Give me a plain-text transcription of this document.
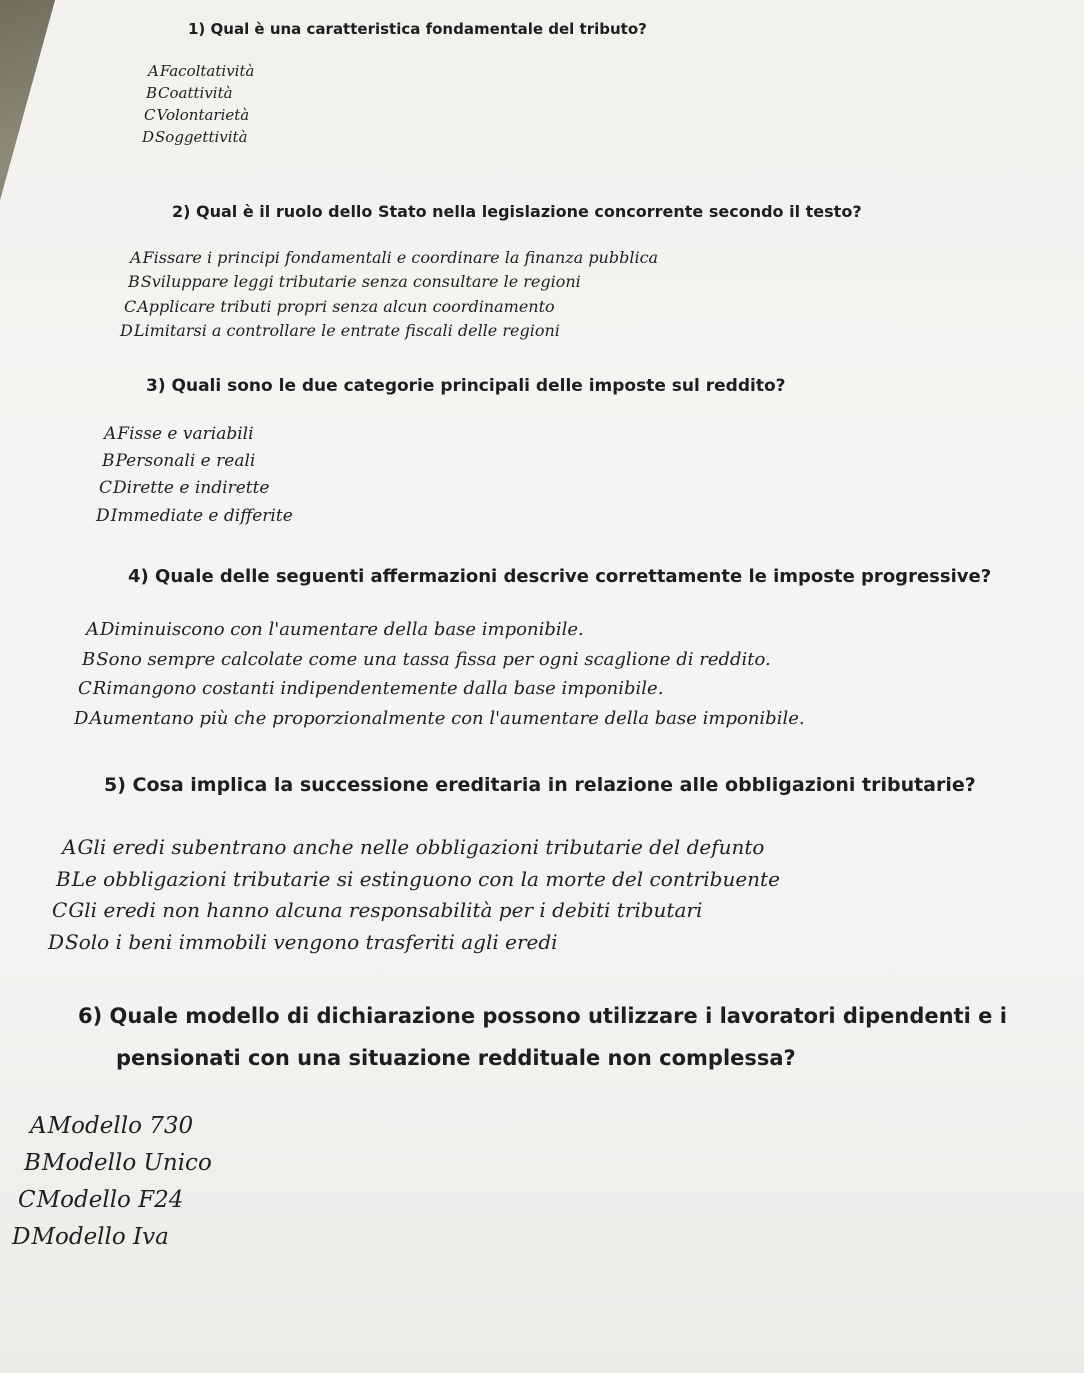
1) Qual è una caratteristica fondamentale del tributo?

AFacoltatività

BCoattività

CVolontarietà

DSoggettività

2) Qual è il ruolo dello Stato nella legislazione concorrente secondo il testo?

AFissare i principi fondamentali e coordinare la finanza pubblica

BSviluppare leggi tributarie senza consultare le regioni

CApplicare tributi propri senza alcun coordinamento

DLimitarsi a controllare le entrate fiscali delle regioni

3) Quali sono le due categorie principali delle imposte sul reddito?

AFisse e variabili

BPersonali e reali

CDirette e indirette

DImmediate e differite

4) Quale delle seguenti affermazioni descrive correttamente le imposte progressive?

ADiminuiscono con l'aumentare della base imponibile.

BSono sempre calcolate come una tassa fissa per ogni scaglione di reddito.

CRimangono costanti indipendentemente dalla base imponibile.

DAumentano più che proporzionalmente con l'aumentare della base imponibile.

5) Cosa implica la successione ereditaria in relazione alle obbligazioni tributarie?

AGli eredi subentrano anche nelle obbligazioni tributarie del defunto

BLe obbligazioni tributarie si estinguono con la morte del contribuente

CGli eredi non hanno alcuna responsabilità per i debiti tributari

DSolo i beni immobili vengono trasferiti agli eredi

6) Quale modello di dichiarazione possono utilizzare i lavoratori dipendenti e i

pensionati con una situazione reddituale non complessa?

AModello 730

BModello Unico

CModello F24

DModello Iva
